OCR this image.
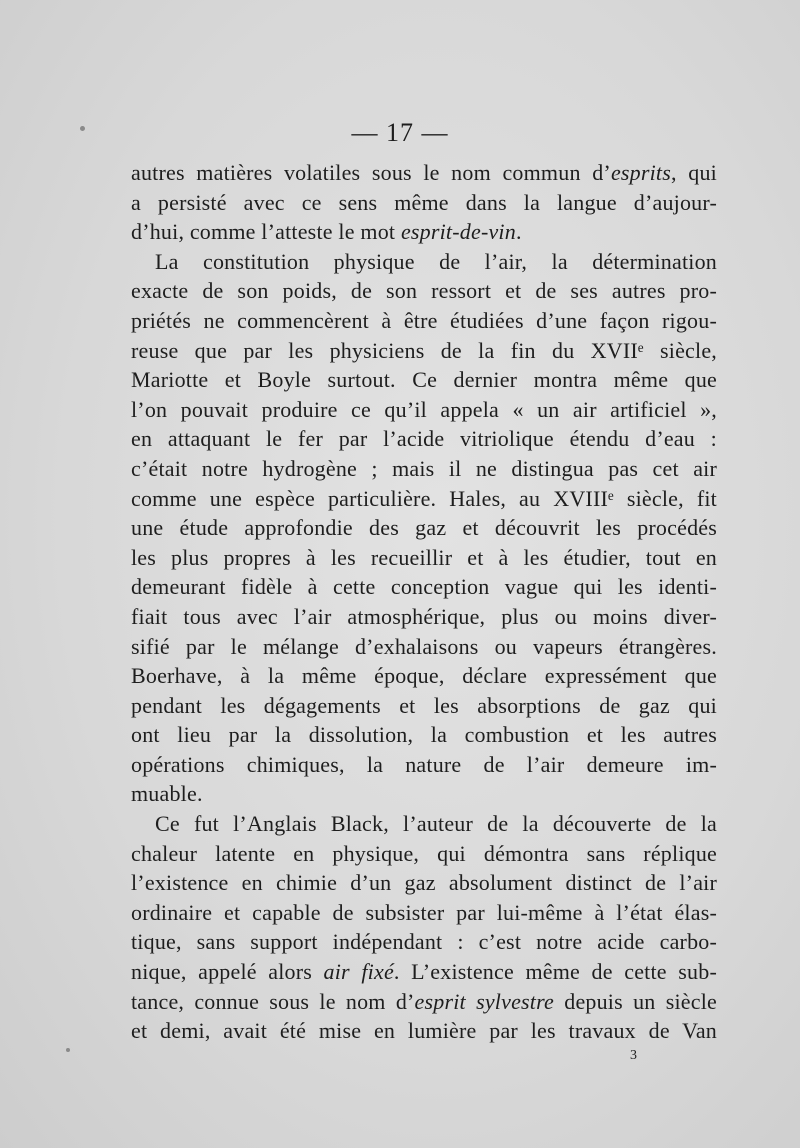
— 17 —
autres matières volatiles sous le nom commun d’esprits, qui
a persisté avec ce sens même dans la langue d’aujour-
d’hui, comme l’atteste le mot esprit-de-vin.
La constitution physique de l’air, la détermination
exacte de son poids, de son ressort et de ses autres pro-
priétés ne commencèrent à être étudiées d’une façon rigou-
reuse que par les physiciens de la fin du XVIIᵉ siècle,
Mariotte et Boyle surtout. Ce dernier montra même que
l’on pouvait produire ce qu’il appela « un air artificiel »,
en attaquant le fer par l’acide vitriolique étendu d’eau :
c’était notre hydrogène ; mais il ne distingua pas cet air
comme une espèce particulière. Hales, au XVIIIᵉ siècle, fit
une étude approfondie des gaz et découvrit les procédés
les plus propres à les recueillir et à les étudier, tout en
demeurant fidèle à cette conception vague qui les identi-
fiait tous avec l’air atmosphérique, plus ou moins diver-
sifié par le mélange d’exhalaisons ou vapeurs étrangères.
Boerhave, à la même époque, déclare expressément que
pendant les dégagements et les absorptions de gaz qui
ont lieu par la dissolution, la combustion et les autres
opérations chimiques, la nature de l’air demeure im-
muable.
Ce fut l’Anglais Black, l’auteur de la découverte de la
chaleur latente en physique, qui démontra sans réplique
l’existence en chimie d’un gaz absolument distinct de l’air
ordinaire et capable de subsister par lui-même à l’état élas-
tique, sans support indépendant : c’est notre acide carbo-
nique, appelé alors air fixé. L’existence même de cette sub-
tance, connue sous le nom d’esprit sylvestre depuis un siècle
et demi, avait été mise en lumière par les travaux de Van
3
